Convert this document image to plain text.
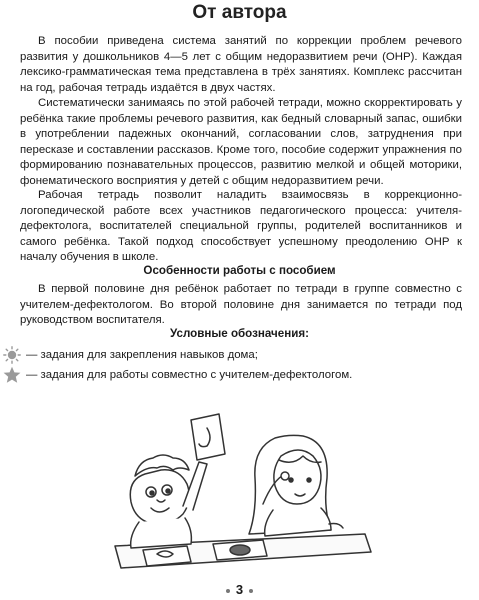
От автора

В пособии приведена система занятий по коррекции проблем речевого развития у дошкольников 4—5 лет с общим недоразвитием речи (ОНР). Каждая лексико-грамматическая тема представлена в трёх занятиях. Комплекс рассчитан на год, рабочая тетрадь издаётся в двух частях.

Систематически занимаясь по этой рабочей тетради, можно скорректировать у ребёнка такие проблемы речевого развития, как бедный словарный запас, ошибки в употреблении падежных окончаний, согласовании слов, затруднения при пересказе и составлении рассказов. Кроме того, пособие содержит упражнения по формированию познавательных процессов, развитию мелкой и общей моторики, фонематического восприятия у детей с общим недоразвитием речи.

Рабочая тетрадь позволит наладить взаимосвязь в коррекционно-логопедической работе всех участников педагогического процесса: учителя-дефектолога, воспитателей специальной группы, родителей воспитанников и самого ребёнка. Такой подход способствует успешному преодолению ОНР к началу обучения в школе.

Особенности работы с пособием

В первой половине дня ребёнок работает по тетради в группе совместно с учителем-дефектологом. Во второй половине дня занимается по тетради под руководством воспитателя.

Условные обозначения:
— задания для закрепления навыков дома;
— задания для работы совместно с учителем-дефектологом.
3
